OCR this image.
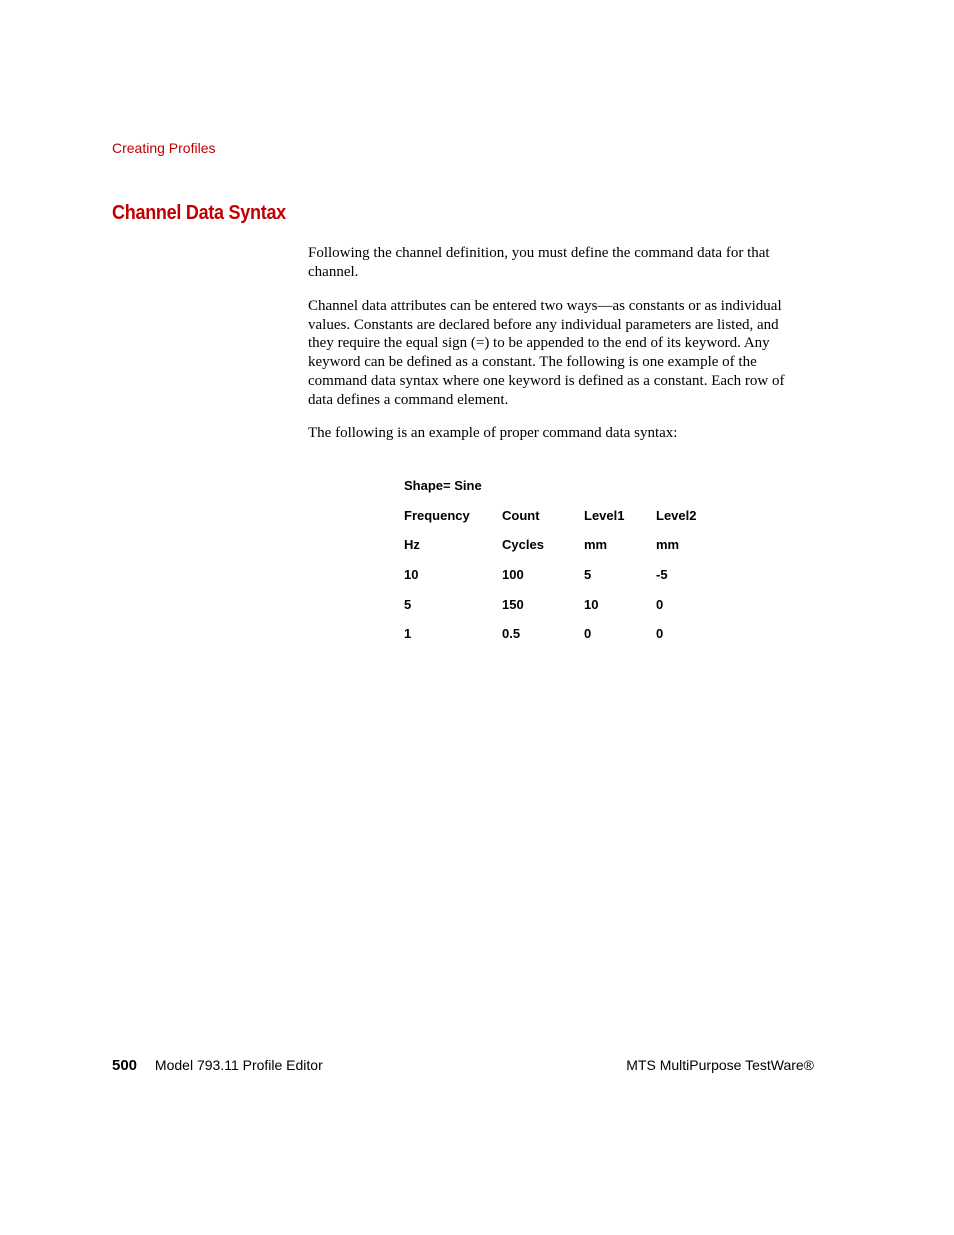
Creating Profiles
Channel Data Syntax

Following the channel definition, you must define the command data for that channel.

Channel data attributes can be entered two ways—as constants or as individual values. Constants are declared before any individual parameters are listed, and they require the equal sign (=) to be appended to the end of its keyword. Any keyword can be defined as a constant. The following is one example of the command data syntax where one keyword is defined as a constant. Each row of data defines a command element.

The following is an example of proper command data syntax:

Shape= Sine
Frequency Count	Level1 Level2
Hz	Cycles	mm	mm
10	100	5	-5
5	150	10	0
1	0.5	0	0
500 Model 793.11 Profile Editor	MTS MultiPurpose TestWare®
